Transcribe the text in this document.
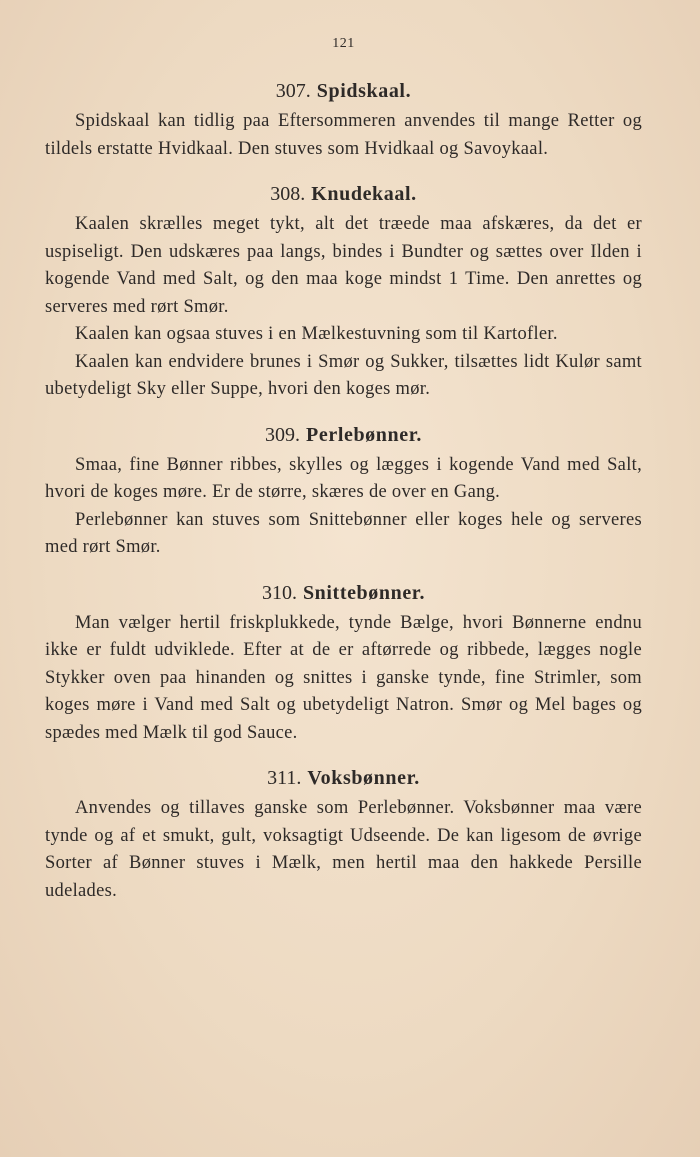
121
307. Spidskaal.

Spidskaal kan tidlig paa Eftersommeren anvendes til mange Retter og tildels erstatte Hvidkaal. Den stuves som Hvidkaal og Savoykaal.

308. Knudekaal.

Kaalen skrælles meget tykt, alt det træede maa afskæres, da det er uspiseligt. Den udskæres paa langs, bindes i Bundter og sættes over Ilden i kogende Vand med Salt, og den maa koge mindst 1 Time. Den anrettes og serveres med rørt Smør.

Kaalen kan ogsaa stuves i en Mælkestuvning som til Kartofler.

Kaalen kan endvidere brunes i Smør og Sukker, tilsættes lidt Kulør samt ubetydeligt Sky eller Suppe, hvori den koges mør.

309. Perlebønner.

Smaa, fine Bønner ribbes, skylles og lægges i kogende Vand med Salt, hvori de koges møre. Er de større, skæres de over en Gang.

Perlebønner kan stuves som Snittebønner eller koges hele og serveres med rørt Smør.

310. Snittebønner.

Man vælger hertil friskplukkede, tynde Bælge, hvori Bønnerne endnu ikke er fuldt udviklede. Efter at de er aftørrede og ribbede, lægges nogle Stykker oven paa hinanden og snittes i ganske tynde, fine Strimler, som koges møre i Vand med Salt og ubetydeligt Natron. Smør og Mel bages og spædes med Mælk til god Sauce.

311. Voksbønner.

Anvendes og tillaves ganske som Perlebønner. Voksbønner maa være tynde og af et smukt, gult, voksagtigt Udseende. De kan ligesom de øvrige Sorter af Bønner stuves i Mælk, men hertil maa den hakkede Persille udelades.
